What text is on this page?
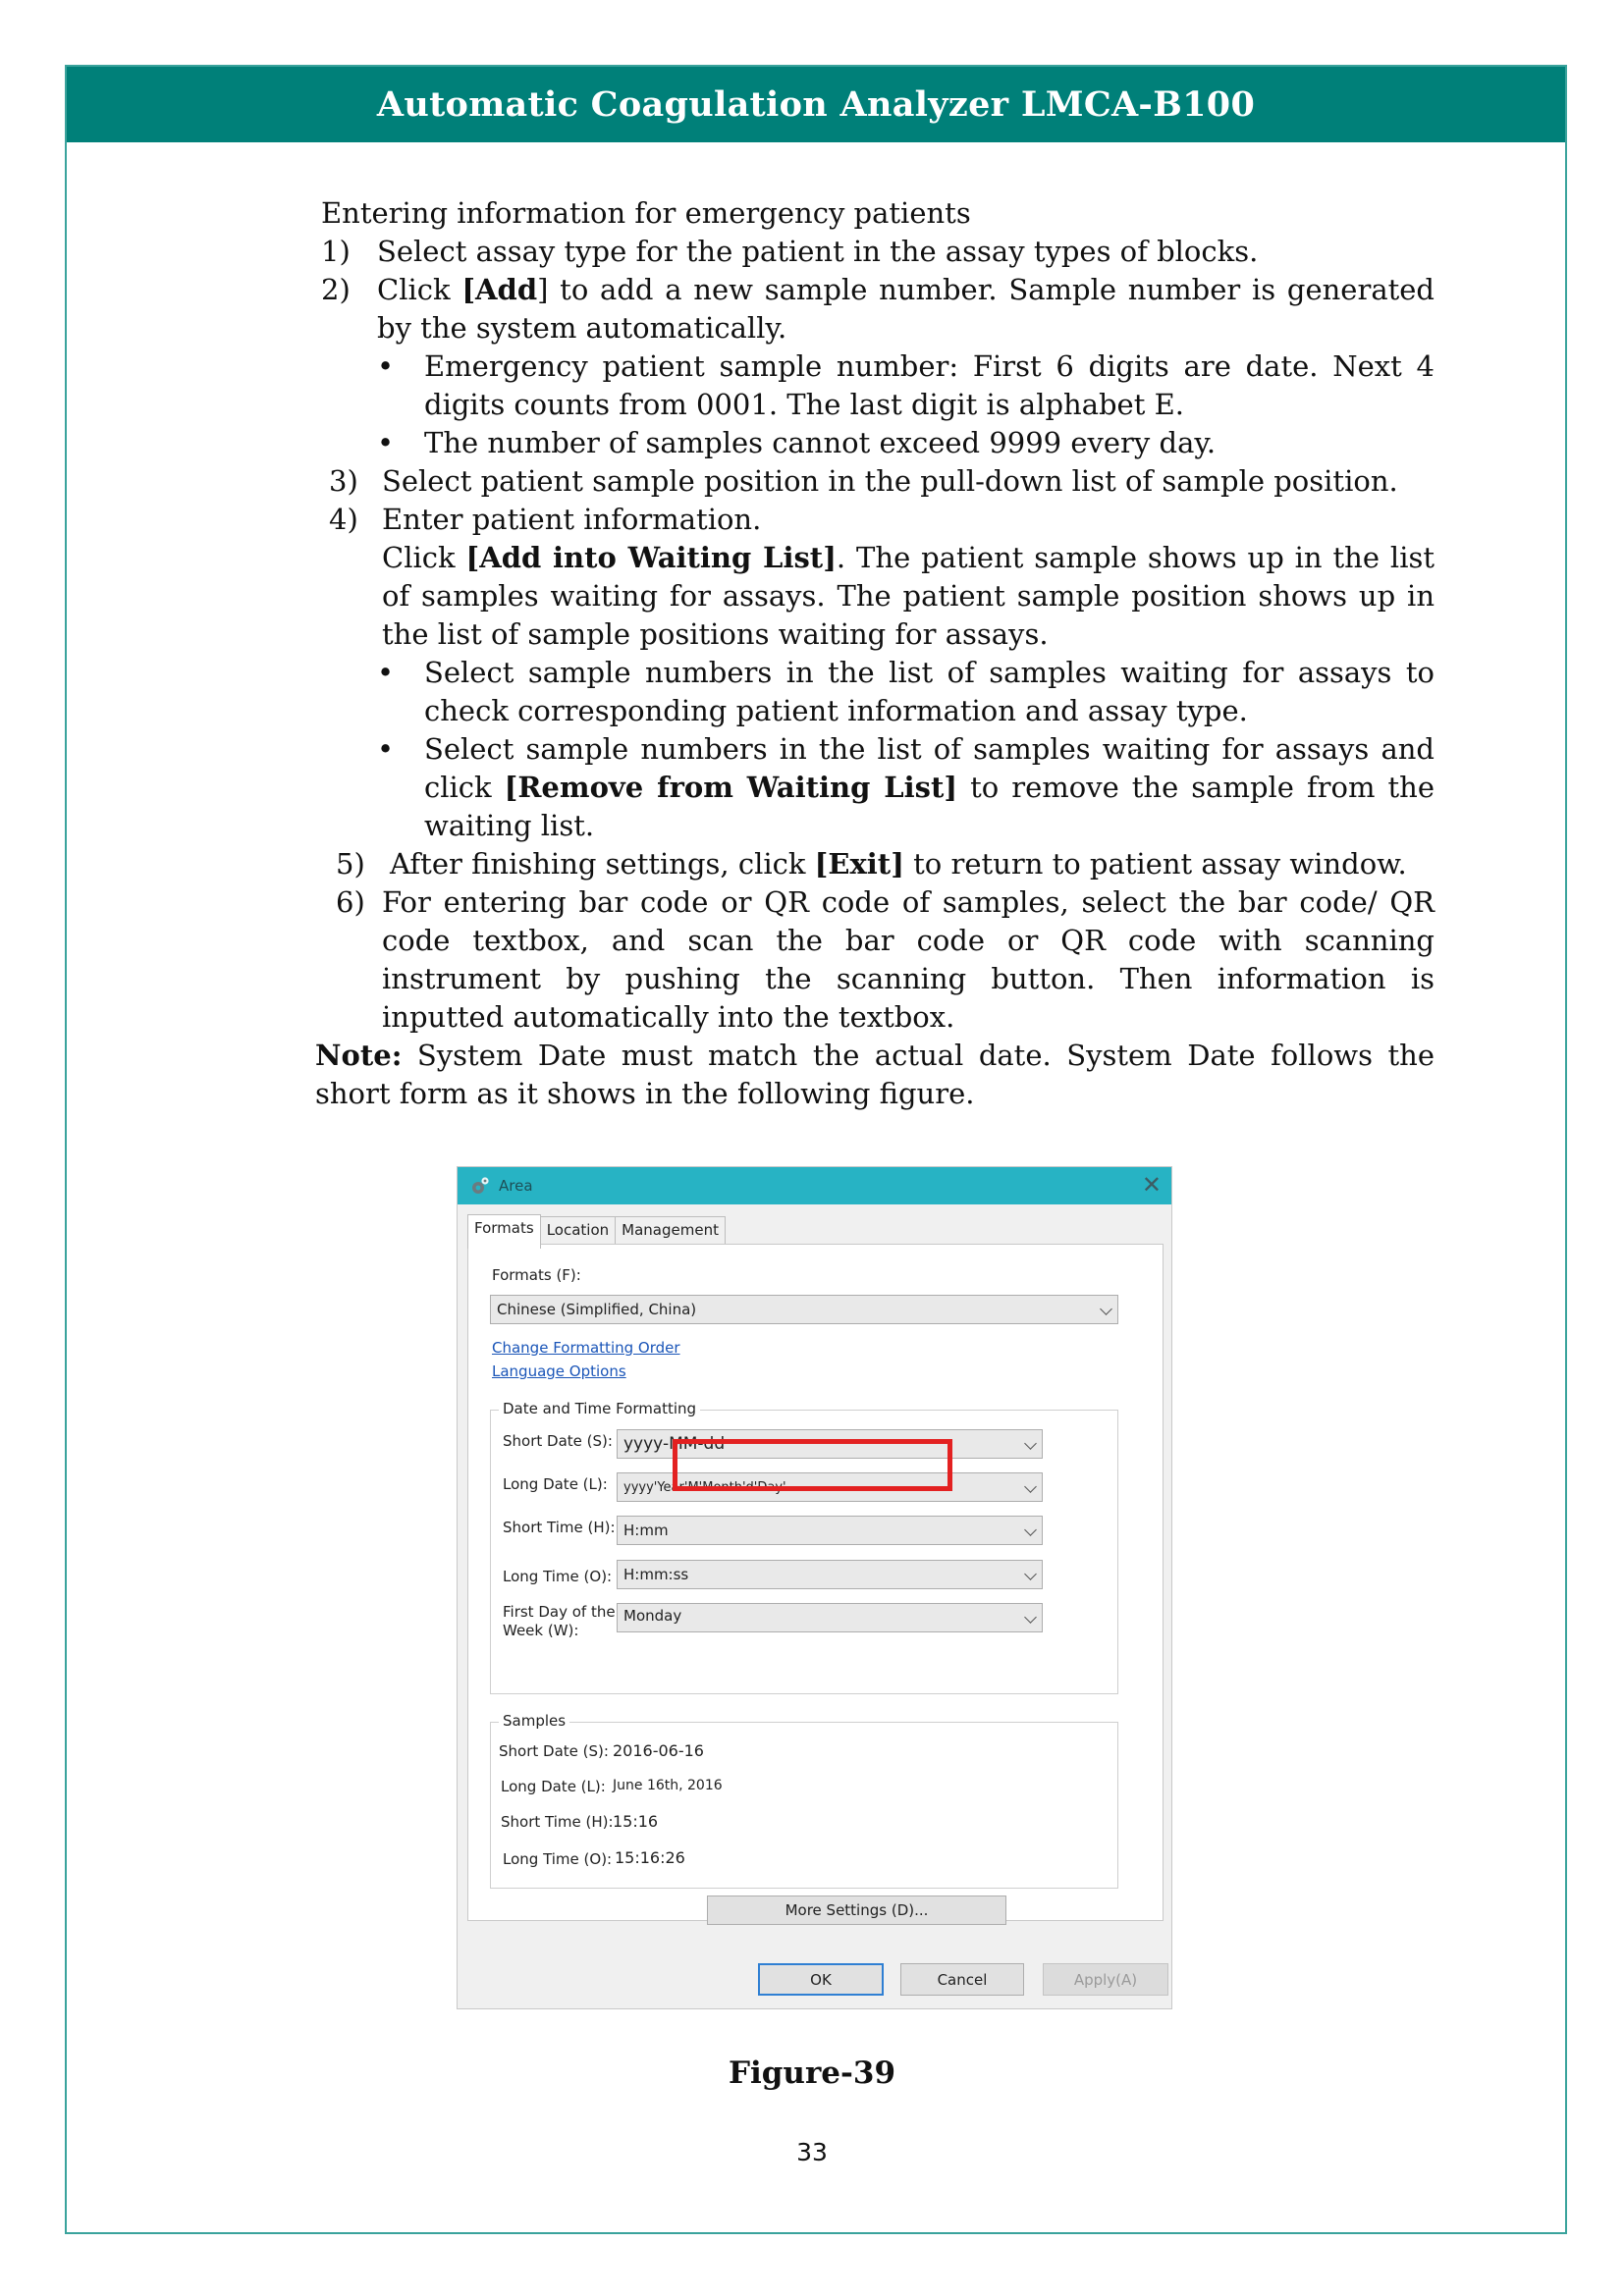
Automatic Coagulation Analyzer LMCA-B100
Entering information for emergency patients
1) Select assay type for the patient in the assay types of blocks.
2) Click [Add] to add a new sample number. Sample number is generated by the system automatically.
• Emergency patient sample number: First 6 digits are date. Next 4 digits counts from 0001. The last digit is alphabet E.
• The number of samples cannot exceed 9999 every day.
3) Select patient sample position in the pull-down list of sample position.
4) Enter patient information.
Click [Add into Waiting List]. The patient sample shows up in the list of samples waiting for assays. The patient sample position shows up in the list of sample positions waiting for assays.
• Select sample numbers in the list of samples waiting for assays to check corresponding patient information and assay type.
• Select sample numbers in the list of samples waiting for assays and click [Remove from Waiting List] to remove the sample from the waiting list.
5) After finishing settings, click [Exit] to return to patient assay window.
6) For entering bar code or QR code of samples, select the bar code/ QR code textbox, and scan the bar code or QR code with scanning instrument by pushing the scanning button. Then information is inputted automatically into the textbox.
Note: System Date must match the actual date. System Date follows the short form as it shows in the following figure.
Area	✕
Formats Location Management
Formats (F):
Chinese (Simplified, China)
Change Formatting Order
Language Options
Date and Time Formatting
Short Date (S): yyyy-MM-dd
Long Date (L): yyyy'Year'M'Month'd'Day'
Short Time (H): H:mm
Long Time (O): H:mm:ss
First Day of the
Week (W):
Monday
Samples
Short Date (S): 2016-06-16
Long Date (L): June 16th, 2016
Short Time (H): 15:16
Long Time (O): 15:16:26
More Settings (D)...
OK	Cancel	Apply(A)
Figure-39
33
